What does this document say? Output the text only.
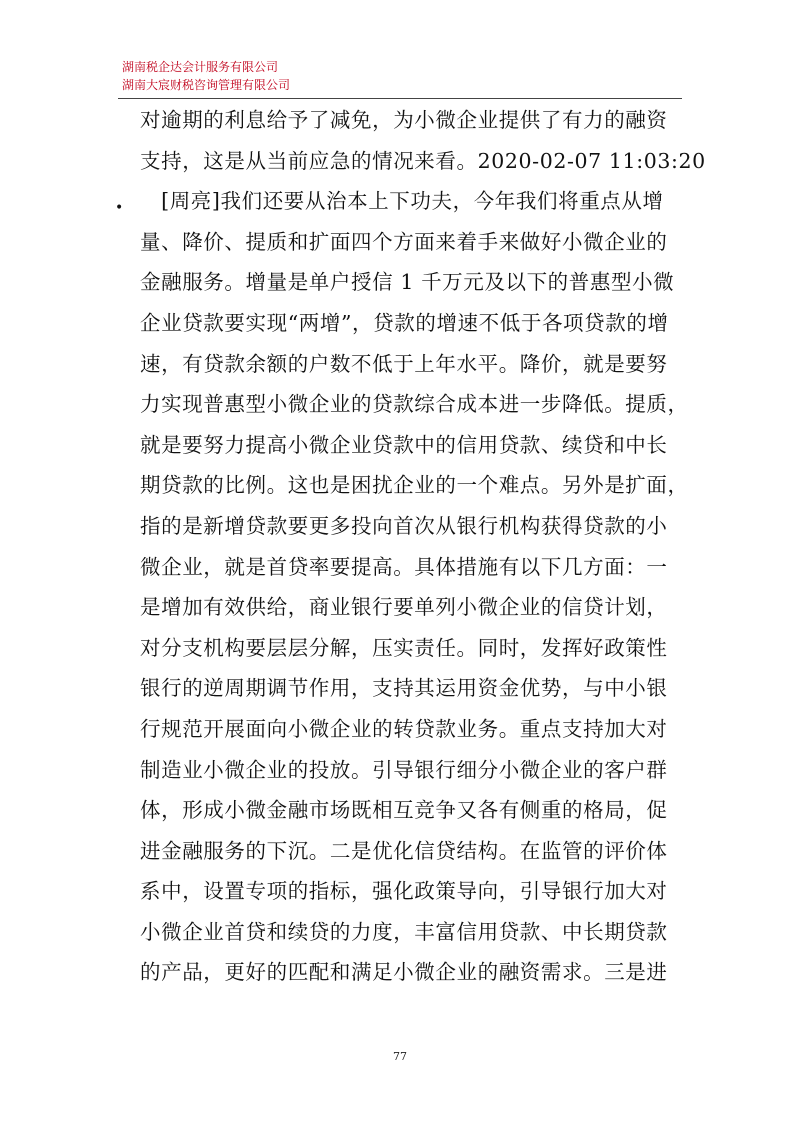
湖南税企达会计服务有限公司
湖南大宸财税咨询管理有限公司
•
对逾期的利息给予了减免，为小微企业提供了有力的融资
支持，这是从当前应急的情况来看。2020-02-07 11:03:20
　[周亮]我们还要从治本上下功夫，今年我们将重点从增
量、降价、提质和扩面四个方面来着手来做好小微企业的
金融服务。增量是单户授信 1 千万元及以下的普惠型小微
企业贷款要实现“两增”，贷款的增速不低于各项贷款的增
速，有贷款余额的户数不低于上年水平。降价，就是要努
力实现普惠型小微企业的贷款综合成本进一步降低。提质，
就是要努力提高小微企业贷款中的信用贷款、续贷和中长
期贷款的比例。这也是困扰企业的一个难点。另外是扩面，
指的是新增贷款要更多投向首次从银行机构获得贷款的小
微企业，就是首贷率要提高。具体措施有以下几方面：一
是增加有效供给，商业银行要单列小微企业的信贷计划，
对分支机构要层层分解，压实责任。同时，发挥好政策性
银行的逆周期调节作用，支持其运用资金优势，与中小银
行规范开展面向小微企业的转贷款业务。重点支持加大对
制造业小微企业的投放。引导银行细分小微企业的客户群
体，形成小微金融市场既相互竞争又各有侧重的格局，促
进金融服务的下沉。二是优化信贷结构。在监管的评价体
系中，设置专项的指标，强化政策导向，引导银行加大对
小微企业首贷和续贷的力度，丰富信用贷款、中长期贷款
的产品，更好的匹配和满足小微企业的融资需求。三是进
77
